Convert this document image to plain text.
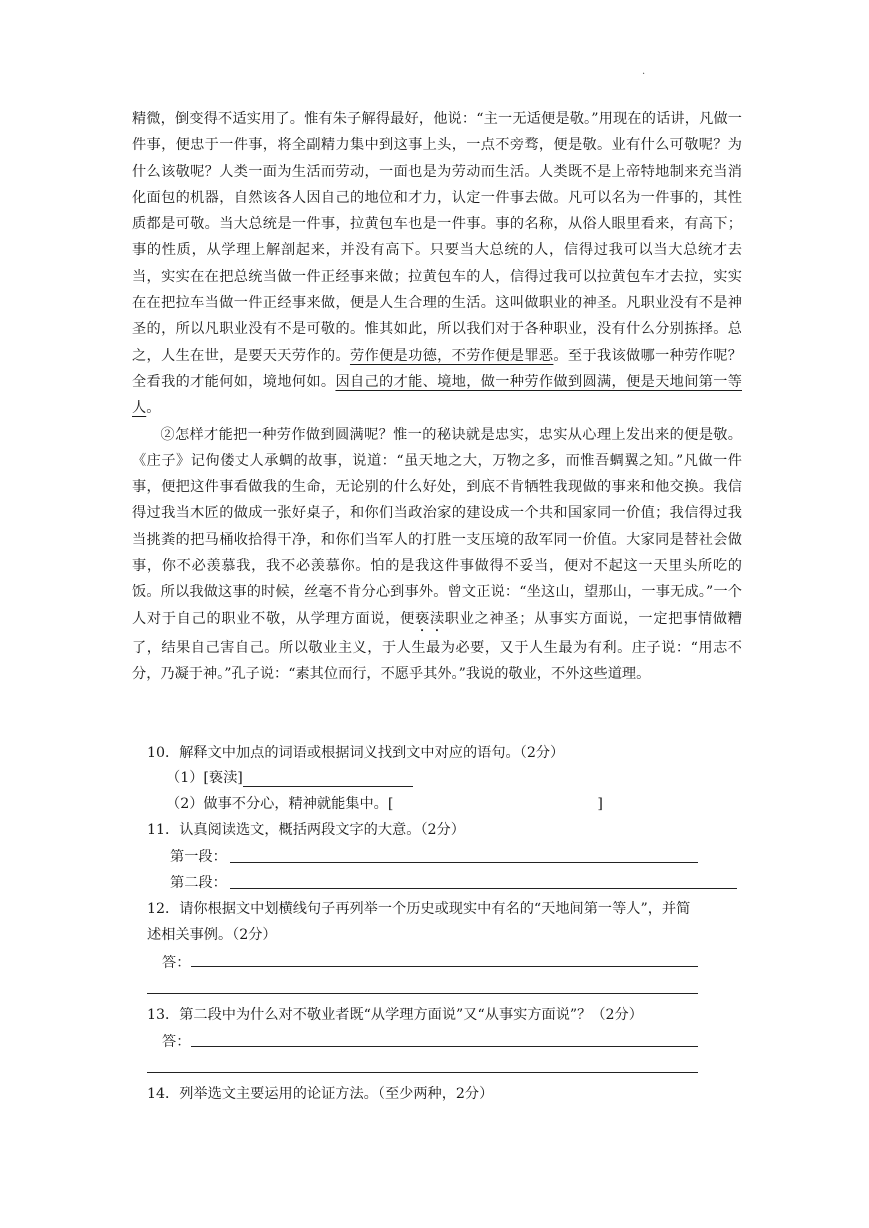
.

精微，倒变得不适实用了。惟有朱子解得最好，他说：“主一无适便是敬。”用现在的话讲，凡做一件事，便忠于一件事，将全副精力集中到这事上头，一点不旁骛，便是敬。业有什么可敬呢？为什么该敬呢？人类一面为生活而劳动，一面也是为劳动而生活。人类既不是上帝特地制来充当消化面包的机器，自然该各人因自己的地位和才力，认定一件事去做。凡可以名为一件事的，其性质都是可敬。当大总统是一件事，拉黄包车也是一件事。事的名称，从俗人眼里看来，有高下；事的性质，从学理上解剖起来，并没有高下。只要当大总统的人，信得过我可以当大总统才去当，实实在在把总统当做一件正经事来做；拉黄包车的人，信得过我可以拉黄包车才去拉，实实在在把拉车当做一件正经事来做，便是人生合理的生活。这叫做职业的神圣。凡职业没有不是神圣的，所以凡职业没有不是可敬的。惟其如此，所以我们对于各种职业，没有什么分别拣择。总之，人生在世，是要天天劳作的。劳作便是功德，不劳作便是罪恶。至于我该做哪一种劳作呢？全看我的才能何如，境地何如。因自己的才能、境地，做一种劳作做到圆满，便是天地间第一等人。

②怎样才能把一种劳作做到圆满呢？惟一的秘诀就是忠实，忠实从心理上发出来的便是敬。《庄子》记佝偻丈人承蜩的故事，说道：“虽天地之大，万物之多，而惟吾蜩翼之知。”凡做一件事，便把这件事看做我的生命，无论别的什么好处，到底不肯牺牲我现做的事来和他交换。我信得过我当木匠的做成一张好桌子，和你们当政治家的建设成一个共和国家同一价值；我信得过我当挑粪的把马桶收拾得干净，和你们当军人的打胜一支压境的敌军同一价值。大家同是替社会做事，你不必羡慕我，我不必羡慕你。怕的是我这件事做得不妥当，便对不起这一天里头所吃的饭。所以我做这事的时候，丝毫不肯分心到事外。曾文正说：“坐这山，望那山，一事无成。”一个人对于自己的职业不敬，从学理方面说，便亵渎职业之神圣；从事实方面说，一定把事情做糟了，结果自己害自己。所以敬业主义，于人生最为必要，又于人生最为有利。庄子说：“用志不分，乃凝于神。”孔子说：“素其位而行，不愿乎其外。”我说的敬业，不外这些道理。

10．解释文中加点的词语或根据词义找到文中对应的语句。（2分）
（1）[亵渎]
（2）做事不分心，精神就能集中。[	]
11．认真阅读选文，概括两段文字的大意。（2分）
第一段：
第二段：
12．请你根据文中划横线句子再列举一个历史或现实中有名的“天地间第一等人”，并简
述相关事例。（2分）
答：
13．第二段中为什么对不敬业者既“从学理方面说”又“从事实方面说”？（2分）
答：
14．列举选文主要运用的论证方法。（至少两种，2分）
